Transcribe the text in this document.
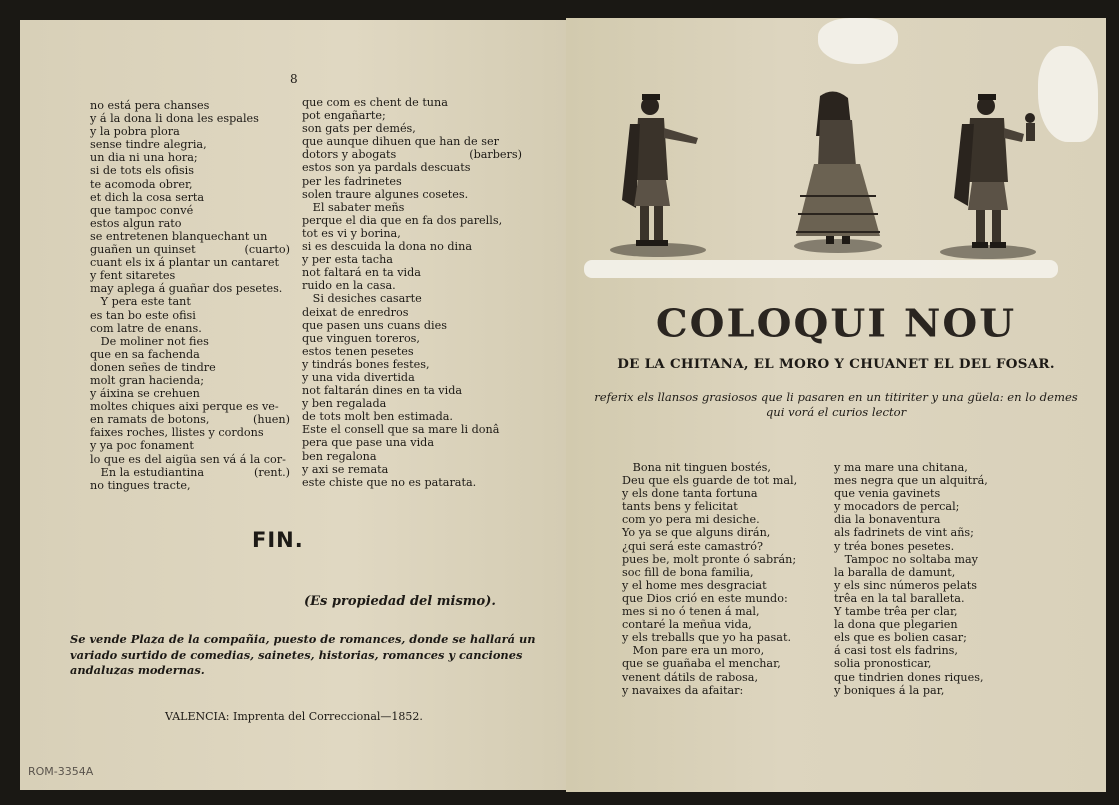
8
no está pera chanses
y á la dona li dona les espales
y la pobra plora
sense tindre alegria,
un dia ni una hora;
si de tots els ofisis
te acomoda obrer,
et dich la cosa serta
que tampoc convé
estos algun rato
se entretenen blanquechant un
guañen un quinset	(cuarto)
cuant els ix á plantar un cantaret
y fent sitaretes
may aplega á guañar dos pesetes.
Y pera este tant
es tan bo este ofisi
com latre de enans.
De moliner not fies
que en sa fachenda
donen señes de tindre
molt gran hacienda;
y áixina se crehuen
moltes chiques aixi perque es ve-
en ramats de botons,	(huen)
faixes roches, llistes y cordons
y ya poc fonament
lo que es del aigüa sen vá á la cor-
En la estudiantina	(rent.)
no tingues tracte,
que com es chent de tuna
pot engañarte;
son gats per demés,
que aunque dihuen que han de ser
dotors y abogats	(barbers)
estos son ya pardals descuats
per les fadrinetes
solen traure algunes cosetes.
El sabater meñs
perque el dia que en fa dos parells,
tot es vi y borina,
si es descuida la dona no dina
y per esta tacha
not faltará en ta vida
ruido en la casa.
Si desiches casarte
deixat de enredros
que pasen uns cuans dies
que vinguen toreros,
estos tenen pesetes
y tindrás bones festes,
y una vida divertida
not faltarán dines en ta vida
y ben regalada
de tots molt ben estimada.
Este el consell que sa mare li donâ
pera que pase una vida
ben regalona
y axi se remata
este chiste que no es patarata.
FIN.
(Es propiedad del mismo).
Se vende Plaza de la compañia, puesto de romances, donde se hallará un variado surtido de comedias, sainetes, historias, romances y canciones andaluzas modernas.
VALENCIA: Imprenta del Correccional—1852.
ROM-3354A
COLOQUI NOU
DE LA CHITANA, EL MORO Y CHUANET EL DEL FOSAR.
referix els llansos grasiosos que li pasaren en un titiriter y una güela: en lo demes qui vorá el curios lector
Bona nit tinguen bostés,
Deu que els guarde de tot mal,
y els done tanta fortuna
tants bens y felicitat
com yo pera mi desiche.
Yo ya se que alguns dirán,
¿qui será este camastró?
pues be, molt pronte ó sabrán;
soc fill de bona familia,
y el home mes desgraciat
que Dios crió en este mundo:
mes si no ó tenen á mal,
contaré la meñua vida,
y els treballs que yo ha pasat.
Mon pare era un moro,
que se guañaba el menchar,
venent dátils de rabosa,
y navaixes da afaitar:
y ma mare una chitana,
mes negra que un alquitrá,
que venia gavinets
y mocadors de percal;
dia la bonaventura
als fadrinets de vint añs;
y tréa bones pesetes.
Tampoc no soltaba may
la baralla de damunt,
y els sinc números pelats
trêa en la tal baralleta.
Y tambe trêa per clar,
la dona que plegarien
els que es bolien casar;
á casi tost els fadrins,
solia pronosticar,
que tindrien dones riques,
y boniques á la par,
